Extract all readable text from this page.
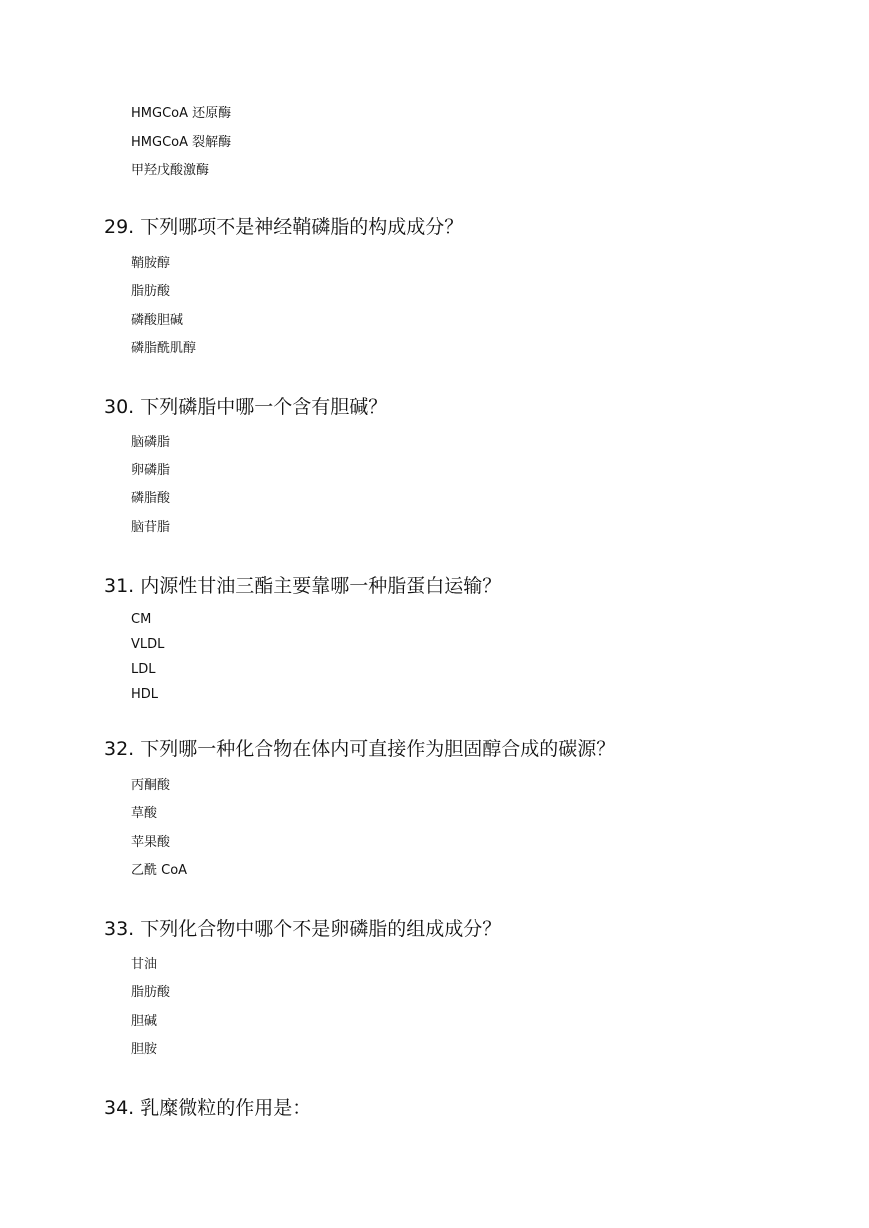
HMGCoA 还原酶
HMGCoA 裂解酶
甲羟戊酸激酶
29. 下列哪项不是神经鞘磷脂的构成成分？
鞘胺醇
脂肪酸
磷酸胆碱
磷脂酰肌醇
30. 下列磷脂中哪一个含有胆碱？
脑磷脂
卵磷脂
磷脂酸
脑苷脂
31. 内源性甘油三酯主要靠哪一种脂蛋白运输？
CM
VLDL
LDL
HDL
32. 下列哪一种化合物在体内可直接作为胆固醇合成的碳源？
丙酮酸
草酸
苹果酸
乙酰 CoA
33. 下列化合物中哪个不是卵磷脂的组成成分？
甘油
脂肪酸
胆碱
胆胺
34. 乳糜微粒的作用是：
